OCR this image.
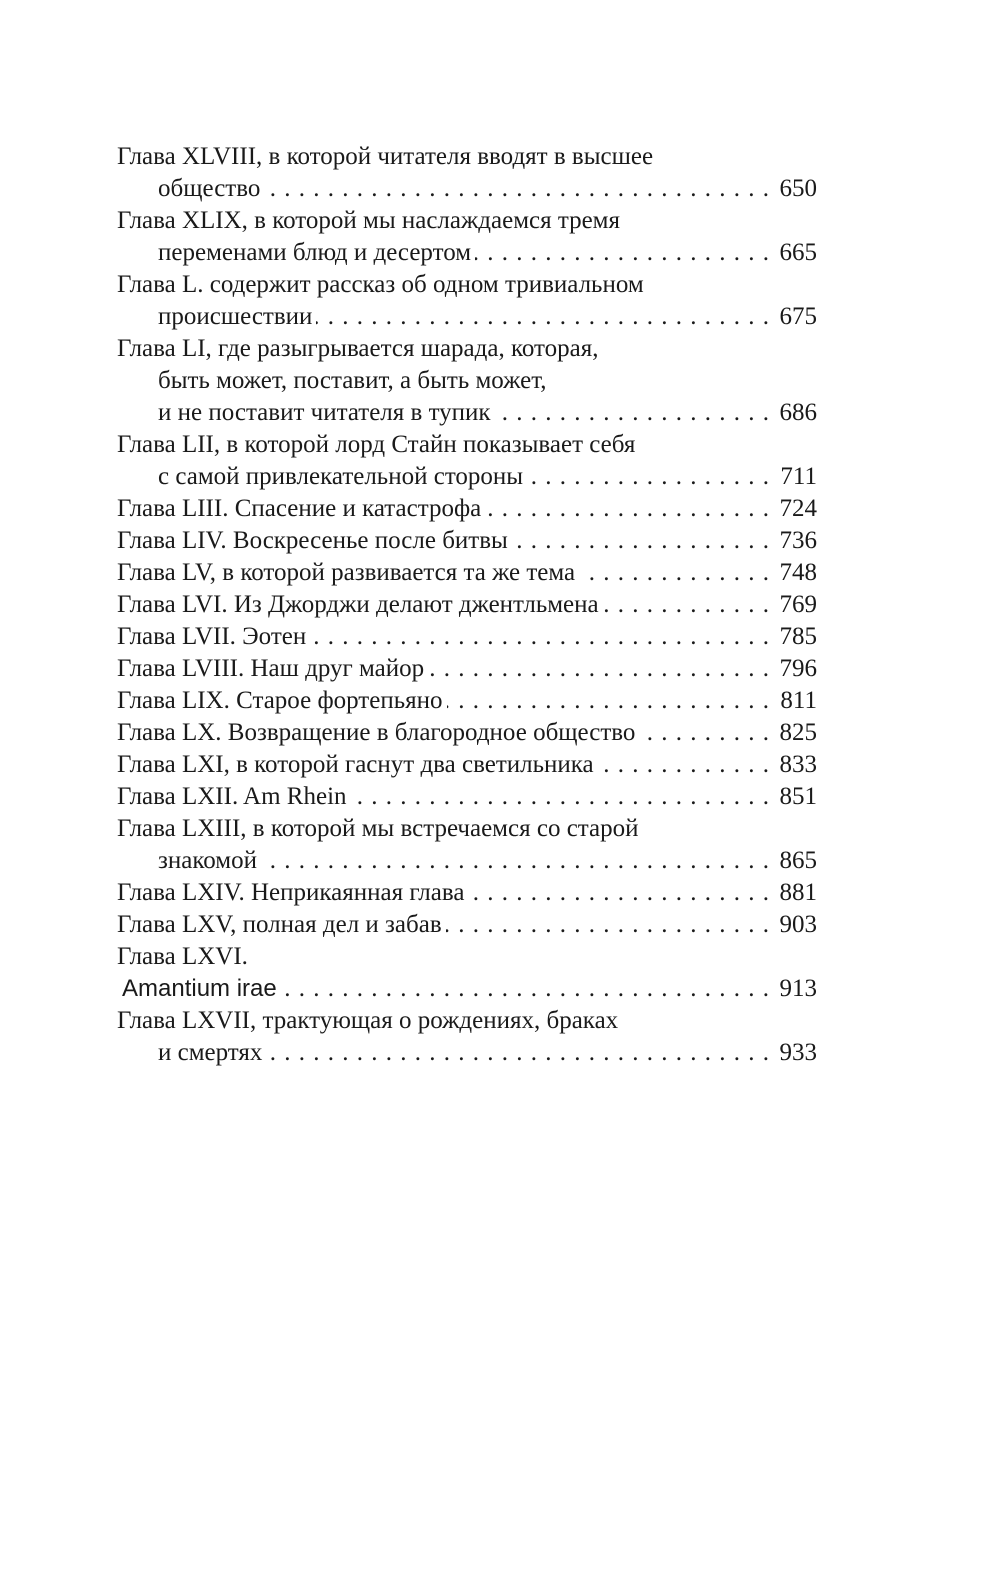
Глава XLVIII, в которой читателя вводят в высшее
общество . . .	650
Глава XLIX, в которой мы наслаждаемся тремя
переменами блюд и десертом . . .	665
Глава L. содержит рассказ об одном тривиальном
происшествии . . .	675
Глава LI, где разыгрывается шарада, которая,
быть может, поставит, а быть может,
и не поставит читателя в тупик . . .	686
Глава LII, в которой лорд Стайн показывает себя
с самой привлекательной стороны . . .	711
Глава LIII. Спасение и катастрофа . . .	724
Глава LIV. Воскресенье после битвы . . .	736
Глава LV, в которой развивается та же тема . . .	748
Глава LVI. Из Джорджи делают джентльмена . . .	769
Глава LVII. Эотен . . .	785
Глава LVIII. Наш друг майор . . .	796
Глава LIX. Старое фортепьяно . . .	811
Глава LX. Возвращение в благородное общество . . .	825
Глава LXI, в которой гаснут два светильника . . .	833
Глава LXII. Am Rhein . . .	851
Глава LXIII, в которой мы встречаемся со старой
знакомой . . .	865
Глава LXIV. Неприкаянная глава . . .	881
Глава LXV, полная дел и забав . . .	903
Глава LXVI.
Amantium irae . . .	913
Глава LXVII, трактующая о рождениях, браках
и смертях . . .	933
